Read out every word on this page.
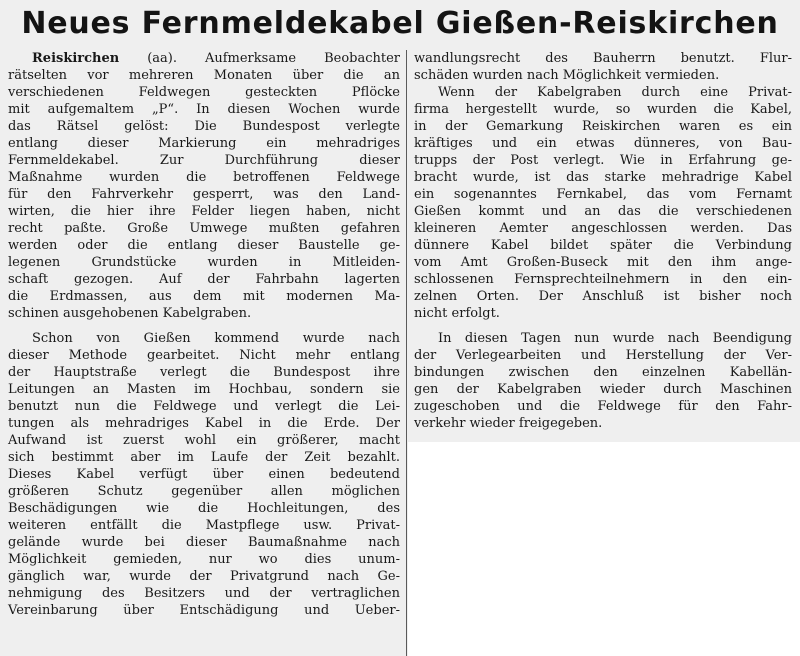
Neues Fernmeldekabel Gießen-Reiskirchen
Reiskirchen (aa). Aufmerksame Beobachter
rätselten vor mehreren Monaten über die an
verschiedenen Feldwegen gesteckten Pflöcke
mit aufgemaltem „P“. In diesen Wochen wurde
das Rätsel gelöst: Die Bundespost verlegte
entlang dieser Markierung ein mehradriges
Fernmeldekabel. Zur Durchführung dieser
Maßnahme wurden die betroffenen Feldwege
für den Fahrverkehr gesperrt, was den Land-
wirten, die hier ihre Felder liegen haben, nicht
recht paßte. Große Umwege mußten gefahren
werden oder die entlang dieser Baustelle ge-
legenen Grundstücke wurden in Mitleiden-
schaft gezogen. Auf der Fahrbahn lagerten
die Erdmassen, aus dem mit modernen Ma-
schinen ausgehobenen Kabelgraben.
Schon von Gießen kommend wurde nach
dieser Methode gearbeitet. Nicht mehr entlang
der Hauptstraße verlegt die Bundespost ihre
Leitungen an Masten im Hochbau, sondern sie
benutzt nun die Feldwege und verlegt die Lei-
tungen als mehradriges Kabel in die Erde. Der
Aufwand ist zuerst wohl ein größerer, macht
sich bestimmt aber im Laufe der Zeit bezahlt.
Dieses Kabel verfügt über einen bedeutend
größeren Schutz gegenüber allen möglichen
Beschädigungen wie die Hochleitungen, des
weiteren entfällt die Mastpflege usw. Privat-
gelände wurde bei dieser Baumaßnahme nach
Möglichkeit gemieden, nur wo dies unum-
gänglich war, wurde der Privatgrund nach Ge-
nehmigung des Besitzers und der vertraglichen
Vereinbarung über Entschädigung und Ueber-
wandlungsrecht des Bauherrn benutzt. Flur-
schäden wurden nach Möglichkeit vermieden.
Wenn der Kabelgraben durch eine Privat-
firma hergestellt wurde, so wurden die Kabel,
in der Gemarkung Reiskirchen waren es ein
kräftiges und ein etwas dünneres, von Bau-
trupps der Post verlegt. Wie in Erfahrung ge-
bracht wurde, ist das starke mehradrige Kabel
ein sogenanntes Fernkabel, das vom Fernamt
Gießen kommt und an das die verschiedenen
kleineren Aemter angeschlossen werden. Das
dünnere Kabel bildet später die Verbindung
vom Amt Großen-Buseck mit den ihm ange-
schlossenen Fernsprechteilnehmern in den ein-
zelnen Orten. Der Anschluß ist bisher noch
nicht erfolgt.
In diesen Tagen nun wurde nach Beendigung
der Verlegearbeiten und Herstellung der Ver-
bindungen zwischen den einzelnen Kabellän-
gen der Kabelgraben wieder durch Maschinen
zugeschoben und die Feldwege für den Fahr-
verkehr wieder freigegeben.
